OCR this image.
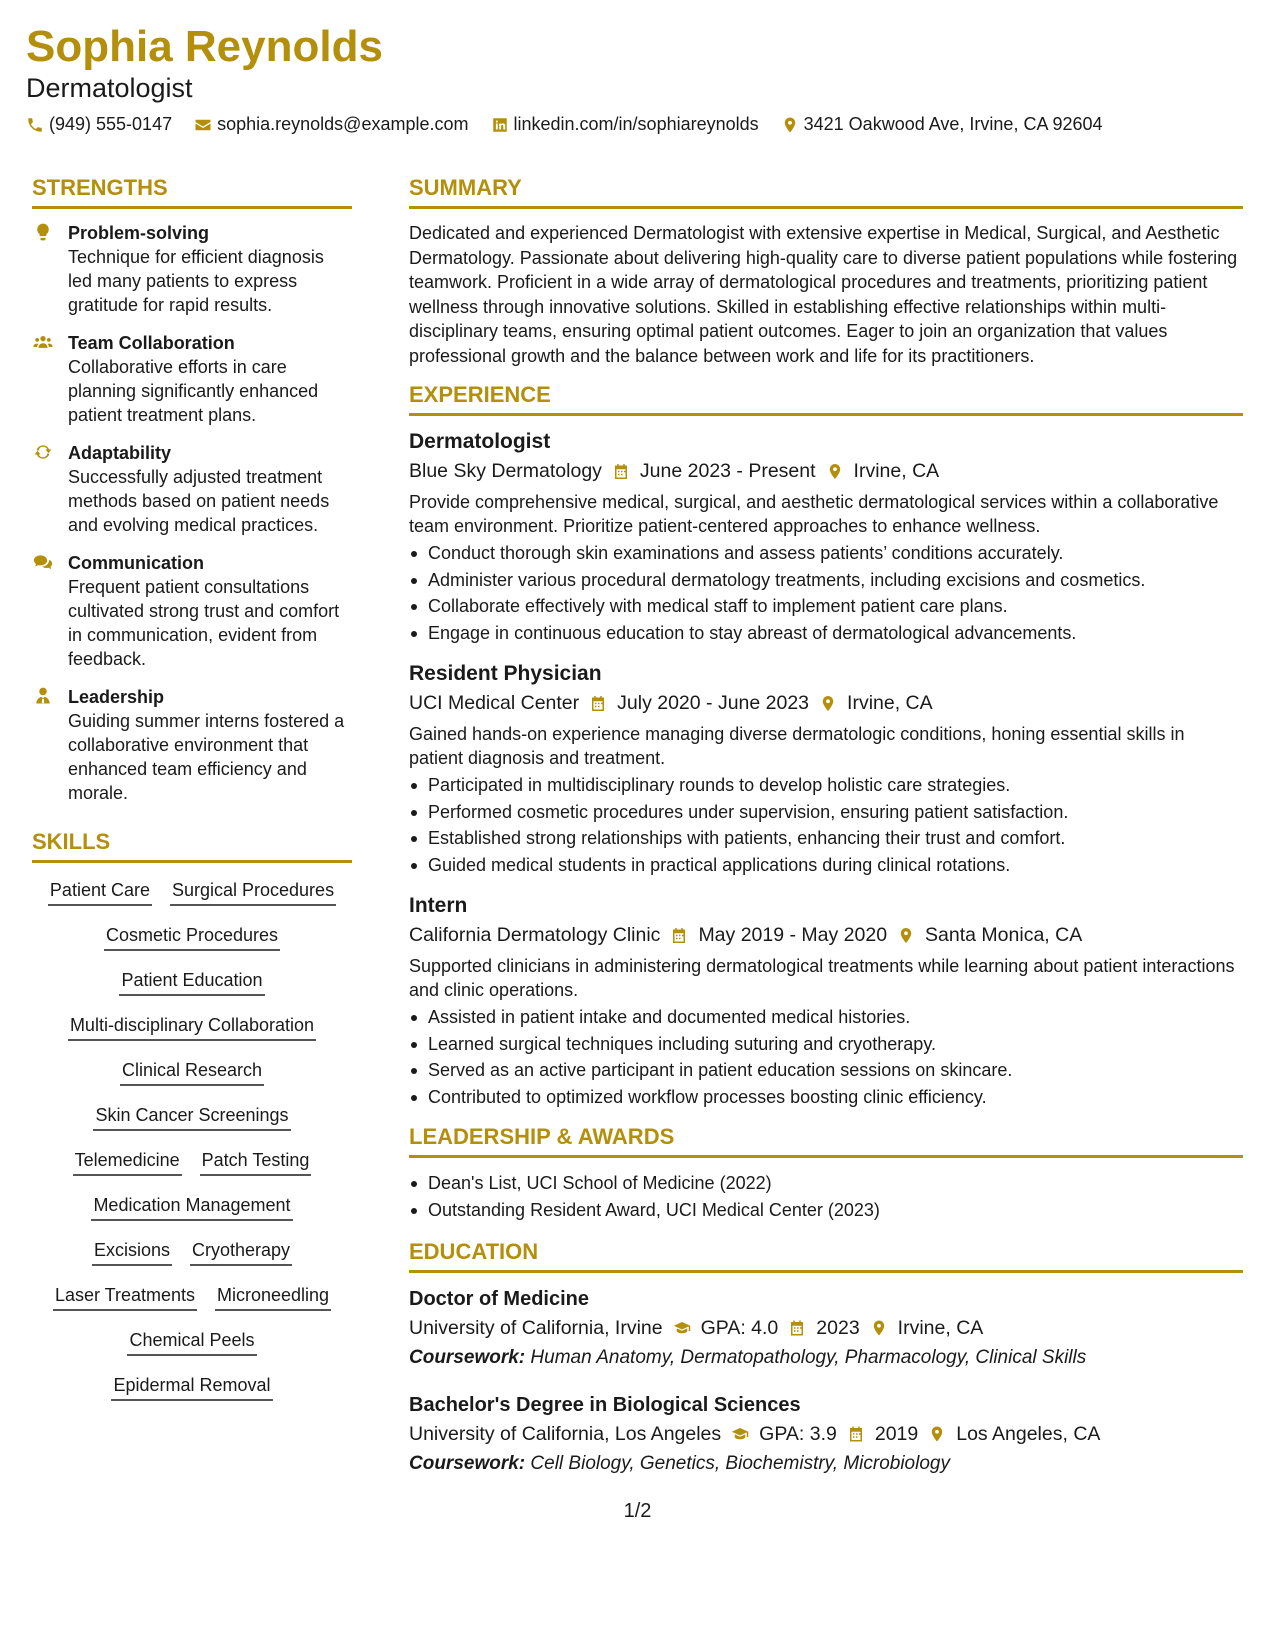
Sophia Reynolds
Dermatologist
(949) 555-0147	sophia.reynolds@example.com	linkedin.com/in/sophiareynolds	3421 Oakwood Ave, Irvine, CA 92604
STRENGTHS
Problem-solving
Technique for efficient diagnosis led many patients to express gratitude for rapid results.
Team Collaboration
Collaborative efforts in care planning significantly enhanced patient treatment plans.
Adaptability
Successfully adjusted treatment methods based on patient needs and evolving medical practices.
Communication
Frequent patient consultations cultivated strong trust and comfort in communication, evident from feedback.
Leadership
Guiding summer interns fostered a collaborative environment that enhanced team efficiency and morale.
SKILLS
Patient Care Surgical Procedures
Cosmetic Procedures
Patient Education
Multi-disciplinary Collaboration
Clinical Research
Skin Cancer Screenings
Telemedicine Patch Testing
Medication Management
Excisions Cryotherapy
Laser Treatments Microneedling
Chemical Peels
Epidermal Removal
SUMMARY
Dedicated and experienced Dermatologist with extensive expertise in Medical, Surgical, and Aesthetic Dermatology. Passionate about delivering high-quality care to diverse patient populations while fostering teamwork. Proficient in a wide array of dermatological procedures and treatments, prioritizing patient wellness through innovative solutions. Skilled in establishing effective relationships within multi-disciplinary teams, ensuring optimal patient outcomes. Eager to join an organization that values professional growth and the balance between work and life for its practitioners.
EXPERIENCE
Dermatologist
Blue Sky Dermatology June 2023 - Present Irvine, CA
Provide comprehensive medical, surgical, and aesthetic dermatological services within a collaborative team environment. Prioritize patient-centered approaches to enhance wellness.
Conduct thorough skin examinations and assess patients’ conditions accurately.
Administer various procedural dermatology treatments, including excisions and cosmetics.
Collaborate effectively with medical staff to implement patient care plans.
Engage in continuous education to stay abreast of dermatological advancements.
Resident Physician
UCI Medical Center July 2020 - June 2023 Irvine, CA
Gained hands-on experience managing diverse dermatologic conditions, honing essential skills in patient diagnosis and treatment.
Participated in multidisciplinary rounds to develop holistic care strategies.
Performed cosmetic procedures under supervision, ensuring patient satisfaction.
Established strong relationships with patients, enhancing their trust and comfort.
Guided medical students in practical applications during clinical rotations.
Intern
California Dermatology Clinic May 2019 - May 2020 Santa Monica, CA
Supported clinicians in administering dermatological treatments while learning about patient interactions and clinic operations.
Assisted in patient intake and documented medical histories.
Learned surgical techniques including suturing and cryotherapy.
Served as an active participant in patient education sessions on skincare.
Contributed to optimized workflow processes boosting clinic efficiency.
LEADERSHIP & AWARDS
Dean's List, UCI School of Medicine (2022)
Outstanding Resident Award, UCI Medical Center (2023)
EDUCATION
Doctor of Medicine
University of California, Irvine GPA: 4.0 2023 Irvine, CA
Coursework: Human Anatomy, Dermatopathology, Pharmacology, Clinical Skills
Bachelor's Degree in Biological Sciences
University of California, Los Angeles GPA: 3.9 2019 Los Angeles, CA
Coursework: Cell Biology, Genetics, Biochemistry, Microbiology
1/2
